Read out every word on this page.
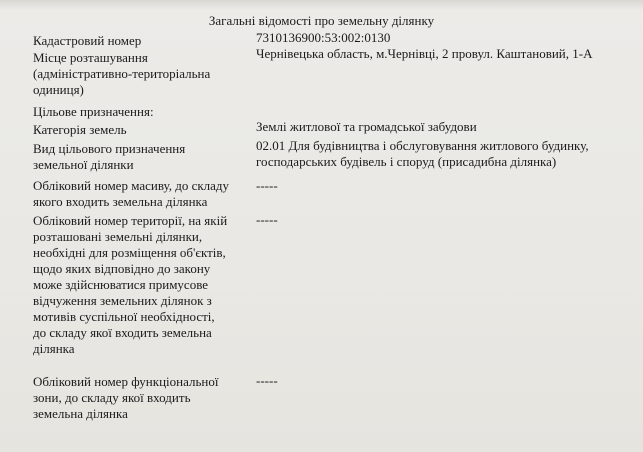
Загальні відомості про земельну ділянку
Кадастровий номер	7310136900:53:002:0130
Місце розташування
(адміністративно-територіальна
одиниця)
Чернівецька область, м.Чернівці, 2 провул. Каштановий, 1-А
Цільове призначення:
Категорія земель	Землі житлової та громадської забудови
Вид цільового призначення
земельної ділянки
02.01 Для будівництва і обслуговування житлового будинку,
господарських будівель і споруд (присадибна ділянка)
Обліковий номер масиву, до складу
якого входить земельна ділянка
-----
Обліковий номер території, на якій
розташовані земельні ділянки,
необхідні для розміщення об'єктів,
щодо яких відповідно до закону
може здійснюватися примусове
відчуження земельних ділянок з
мотивів суспільної необхідності,
до складу якої входить земельна
ділянка
-----
Обліковий номер функціональної
зони, до складу якої входить
земельна ділянка
-----
